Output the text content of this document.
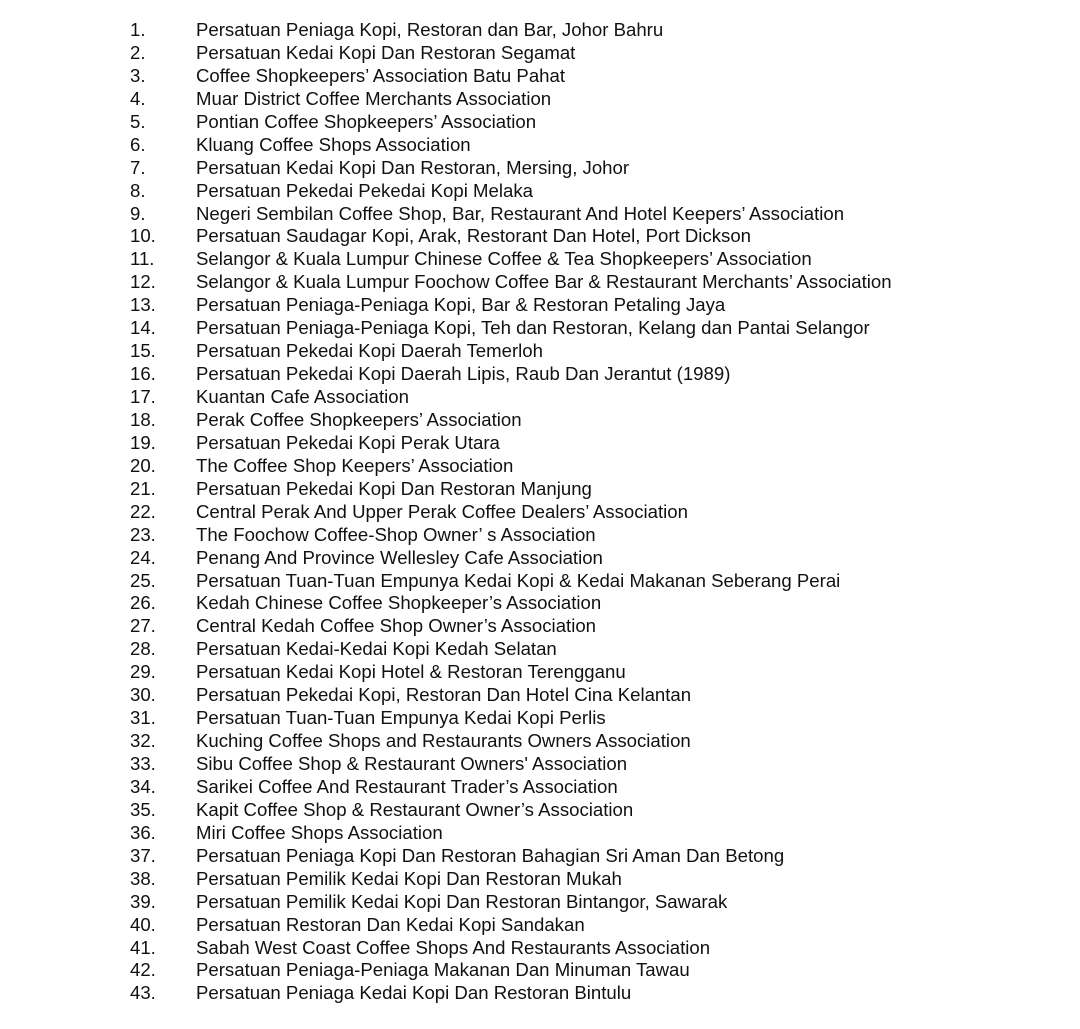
1.	Persatuan Peniaga Kopi, Restoran dan Bar, Johor Bahru
2.	Persatuan Kedai Kopi Dan Restoran Segamat
3.	Coffee Shopkeepers’ Association Batu Pahat
4.	Muar District Coffee Merchants Association
5.	Pontian Coffee Shopkeepers’ Association
6.	Kluang Coffee Shops Association
7.	Persatuan Kedai Kopi Dan Restoran, Mersing, Johor
8.	Persatuan Pekedai Pekedai Kopi Melaka
9.	Negeri Sembilan Coffee Shop, Bar, Restaurant And Hotel Keepers’ Association
10. Persatuan Saudagar Kopi, Arak, Restorant Dan Hotel, Port Dickson
11. Selangor & Kuala Lumpur Chinese Coffee & Tea Shopkeepers’ Association
12. Selangor & Kuala Lumpur Foochow Coffee Bar & Restaurant Merchants’ Association
13. Persatuan Peniaga-Peniaga Kopi, Bar & Restoran Petaling Jaya
14. Persatuan Peniaga-Peniaga Kopi, Teh dan Restoran, Kelang dan Pantai Selangor
15. Persatuan Pekedai Kopi Daerah Temerloh
16. Persatuan Pekedai Kopi Daerah Lipis, Raub Dan Jerantut (1989)
17. Kuantan Cafe Association
18. Perak Coffee Shopkeepers’ Association
19. Persatuan Pekedai Kopi Perak Utara
20. The Coffee Shop Keepers’ Association
21. Persatuan Pekedai Kopi Dan Restoran Manjung
22. Central Perak And Upper Perak Coffee Dealers’ Association
23. The Foochow Coffee-Shop Owner’ s Association
24. Penang And Province Wellesley Cafe Association
25. Persatuan Tuan-Tuan Empunya Kedai Kopi & Kedai Makanan Seberang Perai
26. Kedah Chinese Coffee Shopkeeper’s Association
27. Central Kedah Coffee Shop Owner’s Association
28. Persatuan Kedai-Kedai Kopi Kedah Selatan
29. Persatuan Kedai Kopi Hotel & Restoran Terengganu
30. Persatuan Pekedai Kopi, Restoran Dan Hotel Cina Kelantan
31. Persatuan Tuan-Tuan Empunya Kedai Kopi Perlis
32. Kuching Coffee Shops and Restaurants Owners Association
33. Sibu Coffee Shop & Restaurant Owners' Association
34. Sarikei Coffee And Restaurant Trader’s Association
35. Kapit Coffee Shop & Restaurant Owner’s Association
36. Miri Coffee Shops Association
37. Persatuan Peniaga Kopi Dan Restoran Bahagian Sri Aman Dan Betong
38. Persatuan Pemilik Kedai Kopi Dan Restoran Mukah
39. Persatuan Pemilik Kedai Kopi Dan Restoran Bintangor, Sawarak
40. Persatuan Restoran Dan Kedai Kopi Sandakan
41. Sabah West Coast Coffee Shops And Restaurants Association
42. Persatuan Peniaga-Peniaga Makanan Dan Minuman Tawau
43. Persatuan Peniaga Kedai Kopi Dan Restoran Bintulu
